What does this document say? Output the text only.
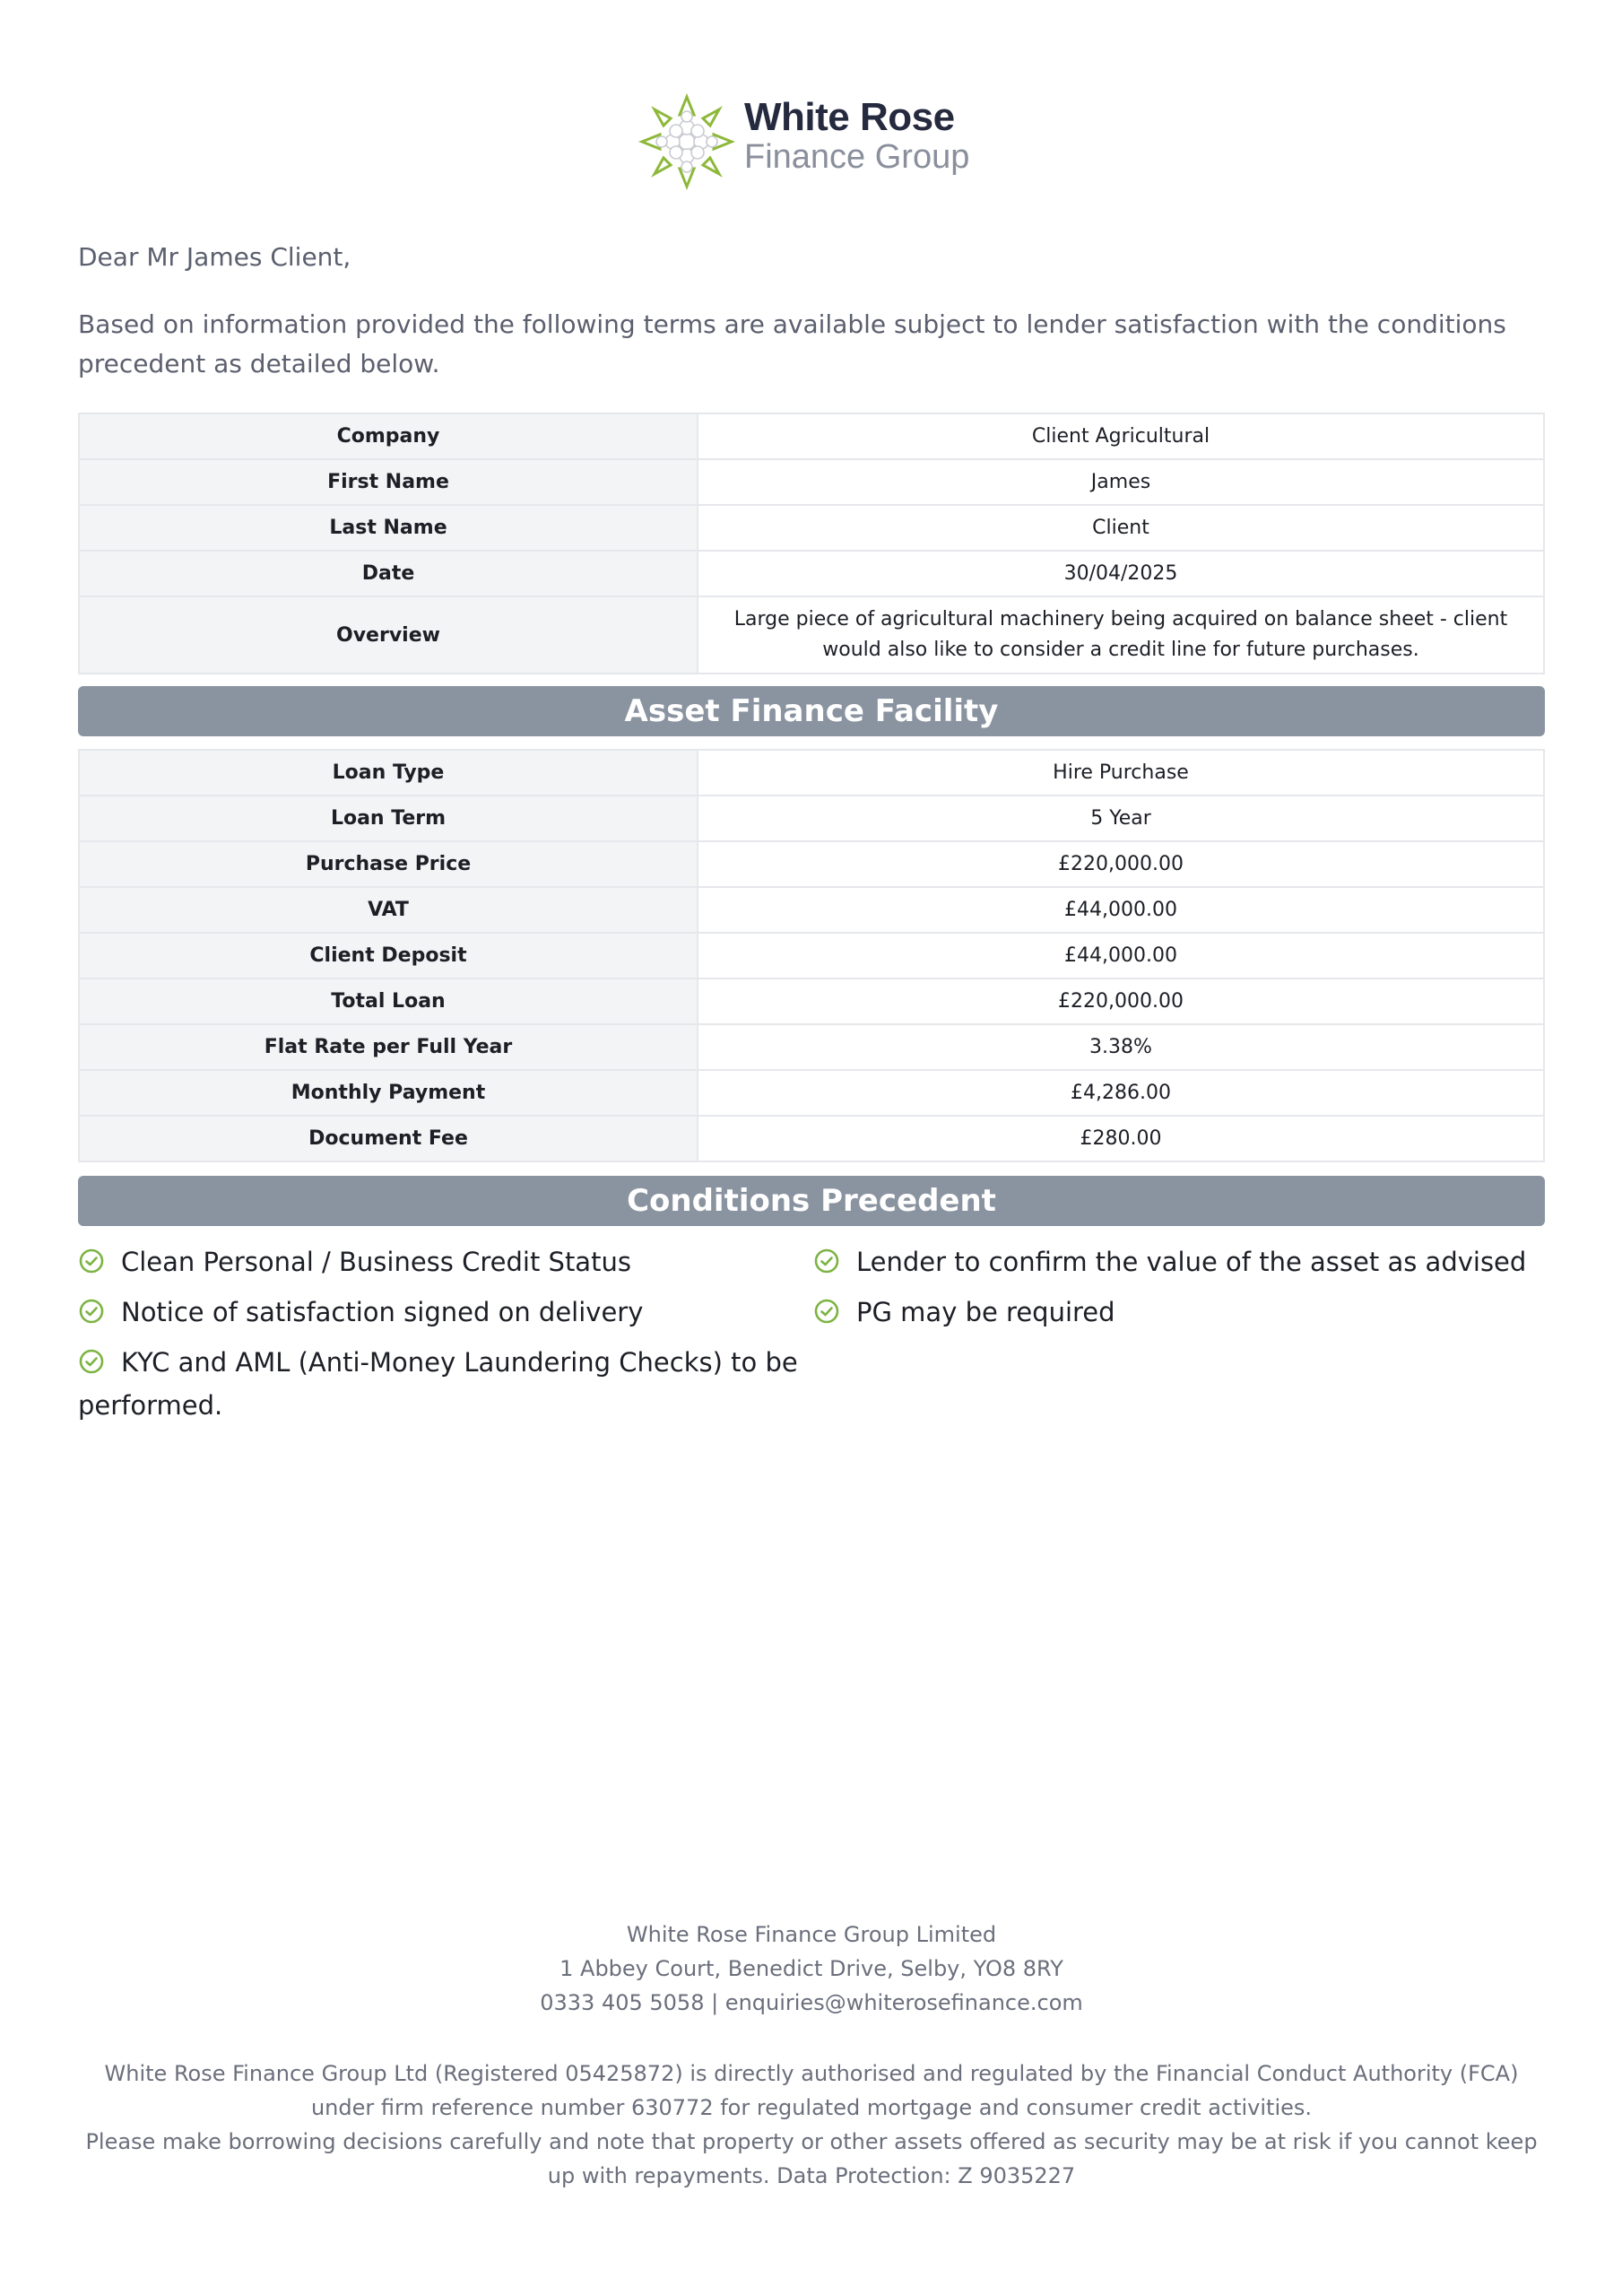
White Rose
Finance Group
Dear Mr James Client,
Based on information provided the following terms are available subject to lender satisfaction with the conditions precedent as detailed below.
Company	Client Agricultural
First Name	James
Last Name	Client
Date	30/04/2025
Overview	Large piece of agricultural machinery being acquired on balance sheet - client would also like to consider a credit line for future purchases.
Asset Finance Facility
Loan Type	Hire Purchase
Loan Term	5 Year
Purchase Price	£220,000.00
VAT	£44,000.00
Client Deposit	£44,000.00
Total Loan	£220,000.00
Flat Rate per Full Year	3.38%
Monthly Payment	£4,286.00
Document Fee	£280.00
Conditions Precedent
Clean Personal / Business Credit Status
Notice of satisfaction signed on delivery
KYC and AML (Anti-Money Laundering Checks) to be performed.
Lender to confirm the value of the asset as advised
PG may be required
White Rose Finance Group Limited
1 Abbey Court, Benedict Drive, Selby, YO8 8RY
0333 405 5058 | enquiries@whiterosefinance.com
White Rose Finance Group Ltd (Registered 05425872) is directly authorised and regulated by the Financial Conduct Authority (FCA) under firm reference number 630772 for regulated mortgage and consumer credit activities.
Please make borrowing decisions carefully and note that property or other assets offered as security may be at risk if you cannot keep up with repayments. Data Protection: Z 9035227
